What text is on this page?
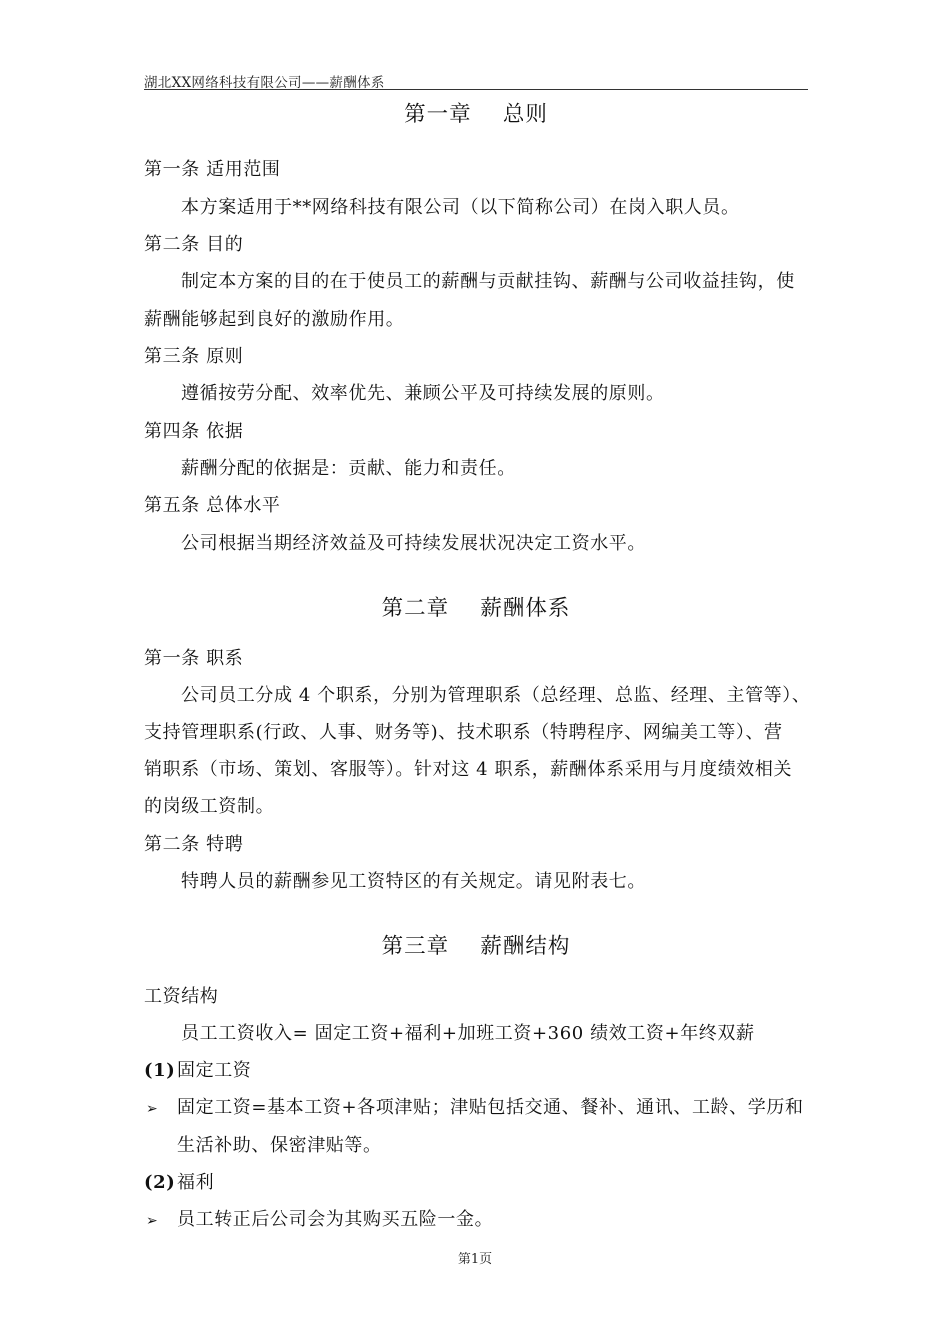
湖北XX网络科技有限公司——薪酬体系
第一章    总则
第一条 适用范围
本方案适用于**网络科技有限公司（以下简称公司）在岗入职人员。
第二条 目的
制定本方案的目的在于使员工的薪酬与贡献挂钩、薪酬与公司收益挂钩，使
薪酬能够起到良好的激励作用。
第三条 原则
遵循按劳分配、效率优先、兼顾公平及可持续发展的原则。
第四条 依据
薪酬分配的依据是：贡献、能力和责任。
第五条 总体水平
公司根据当期经济效益及可持续发展状况决定工资水平。
第二章    薪酬体系
第一条 职系
公司员工分成 4 个职系，分别为管理职系（总经理、总监、经理、主管等）、
支持管理职系(行政、人事、财务等)、技术职系（特聘程序、网编美工等）、营
销职系（市场、策划、客服等）。针对这 4 职系，薪酬体系采用与月度绩效相关
的岗级工资制。
第二条 特聘
特聘人员的薪酬参见工资特区的有关规定。请见附表七。
第三章    薪酬结构
工资结构
员工工资收入= 固定工资+福利+加班工资+360 绩效工资+年终双薪
(1) 固定工资
➢ 固定工资=基本工资+各项津贴；津贴包括交通、餐补、通讯、工龄、学历和
生活补助、保密津贴等。
(2) 福利
➢ 员工转正后公司会为其购买五险一金。
第1页
